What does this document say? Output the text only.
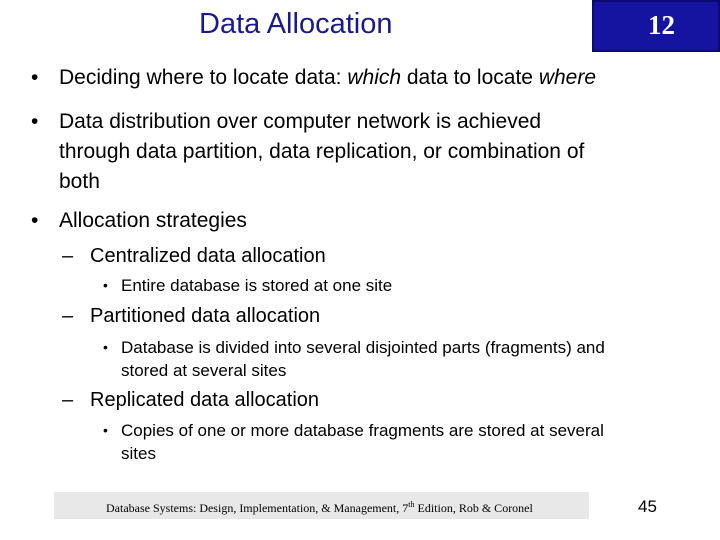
Data Allocation	12
• Deciding where to locate data: which data to locate where
• Data distribution over computer network is achieved
through data partition, data replication, or combination of
both
• Allocation strategies
– Centralized data allocation
• Entire database is stored at one site
– Partitioned data allocation
• Database is divided into several disjointed parts (fragments) and
stored at several sites
– Replicated data allocation
• Copies of one or more database fragments are stored at several
sites
Database Systems: Design, Implementation, & Management, 7th Edition, Rob & Coronel	45
